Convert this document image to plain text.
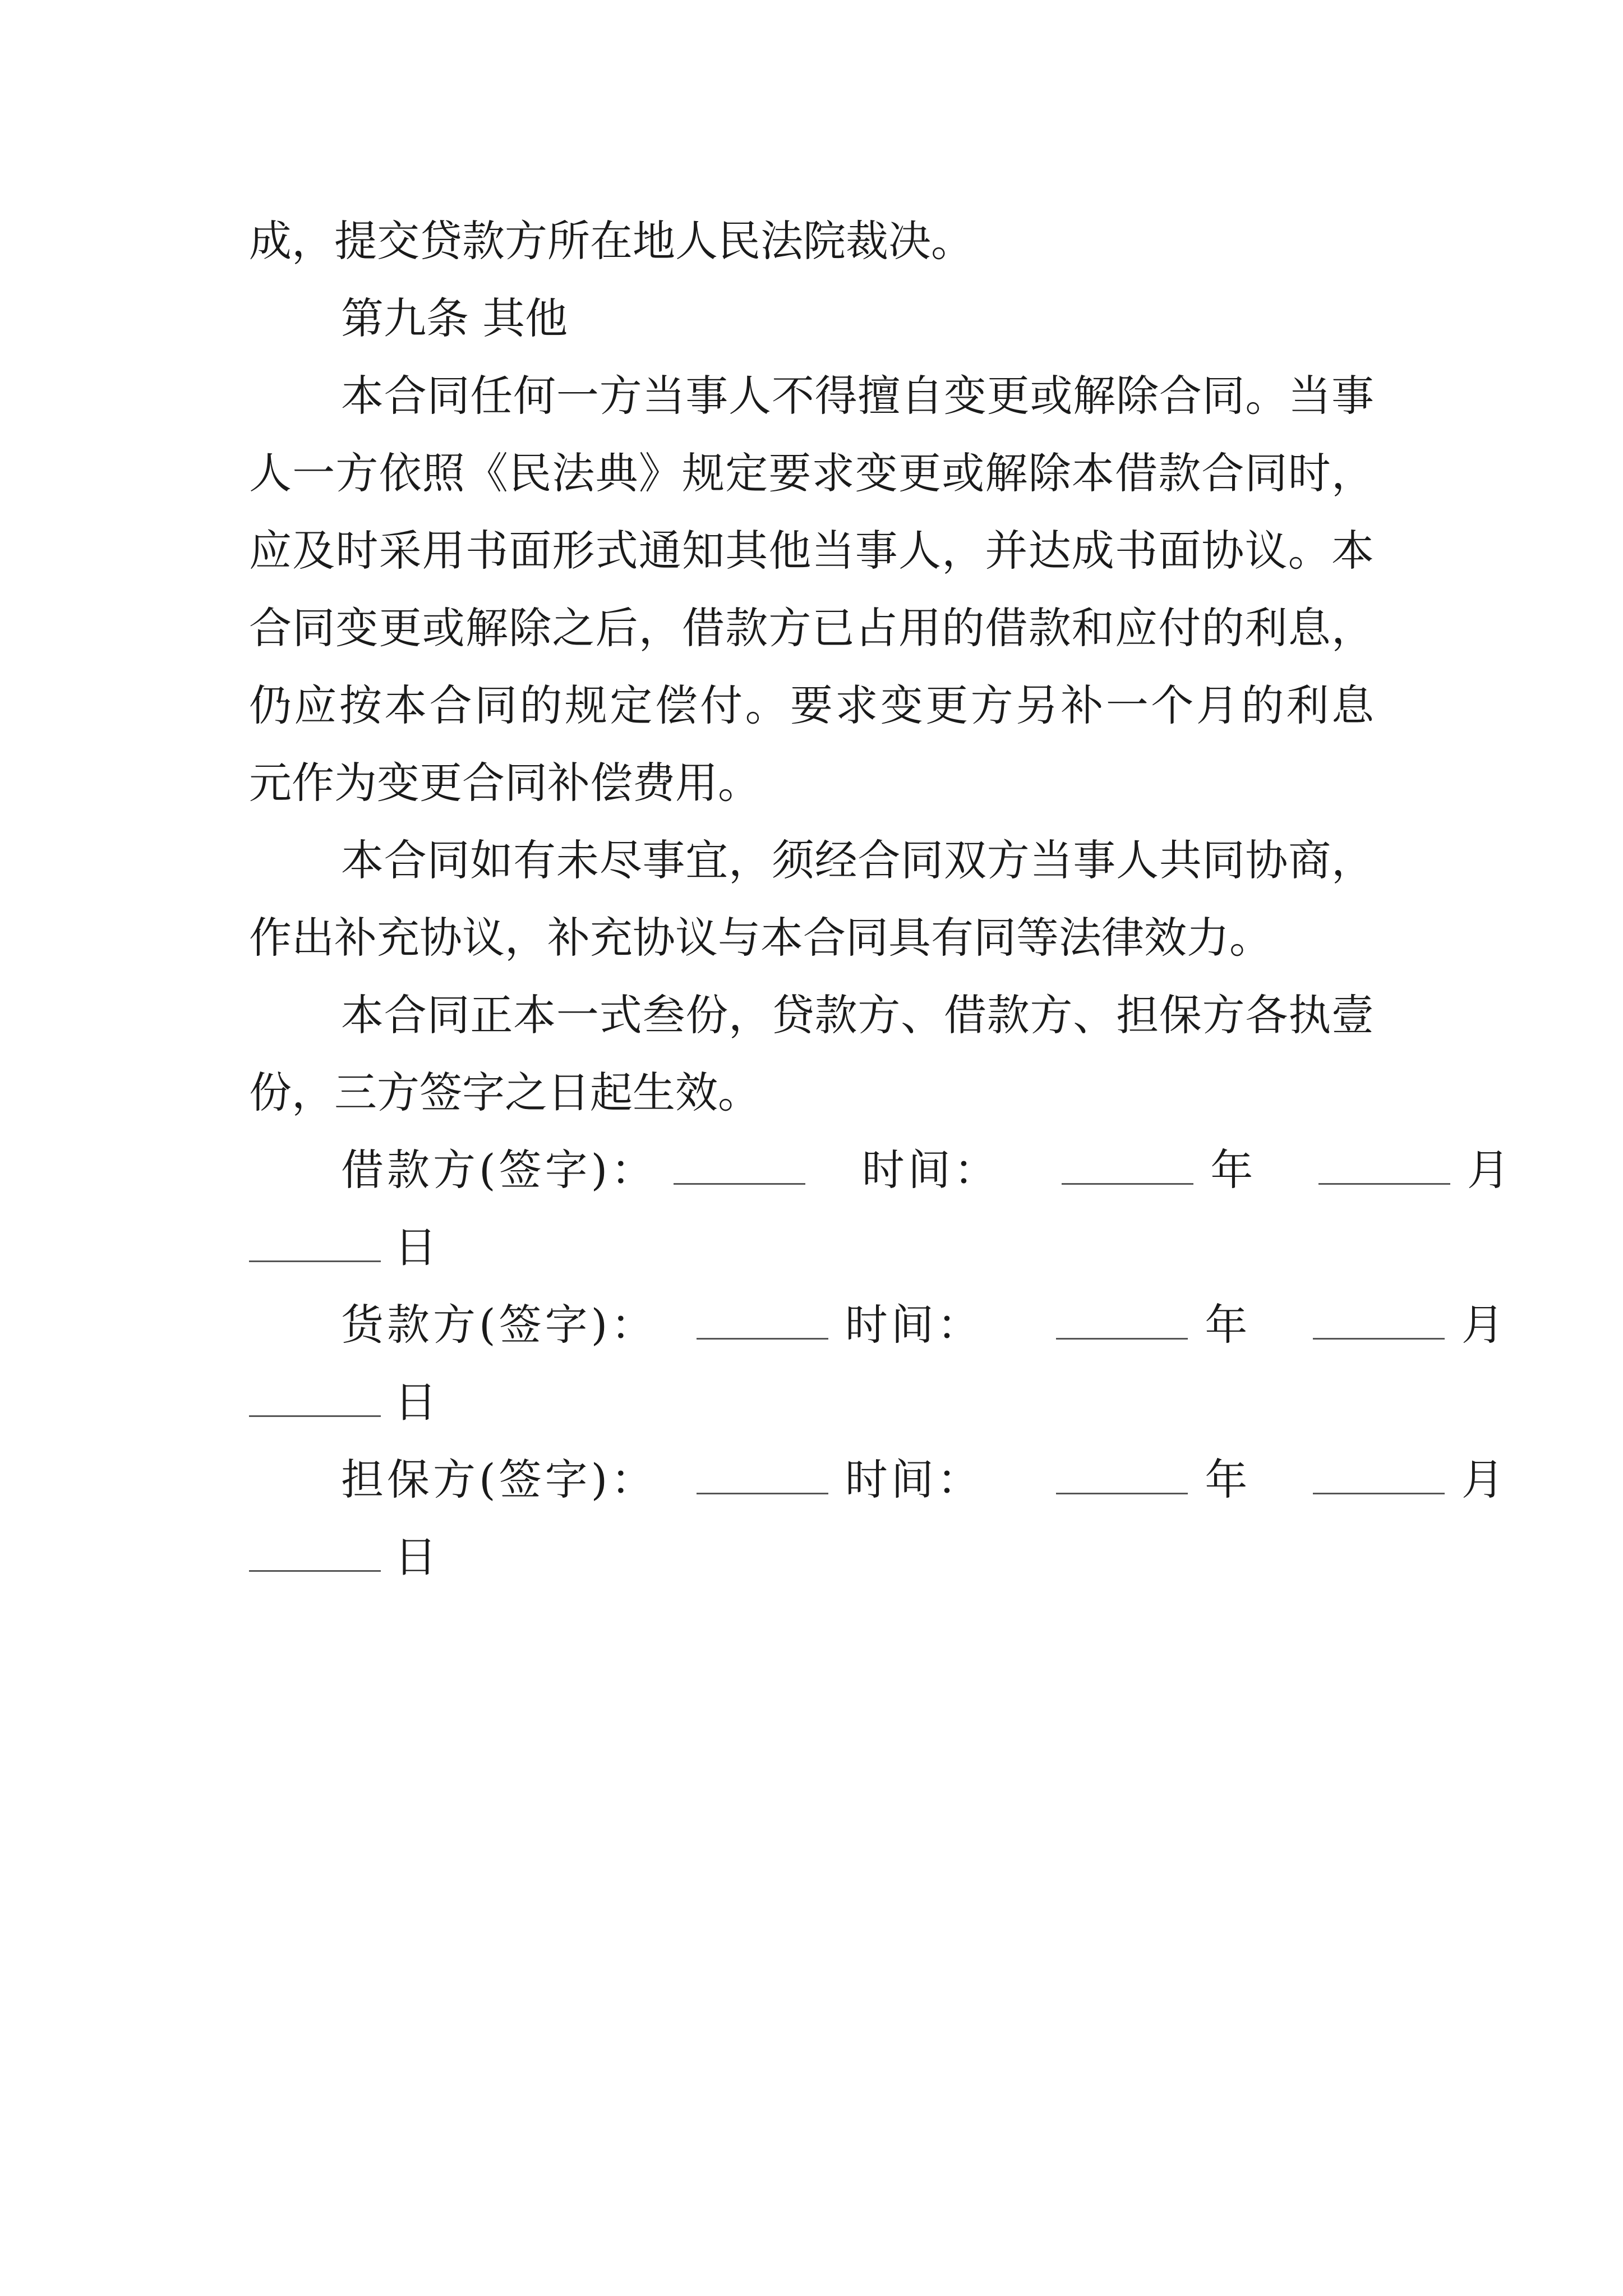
成，提交贷款方所在地人民法院裁决。
第九条 其他
本合同任何一方当事人不得擅自变更或解除合同。当事
人一方依照《民法典》规定要求变更或解除本借款合同时，
应及时采用书面形式通知其他当事人，并达成书面协议。本
合同变更或解除之后，借款方已占用的借款和应付的利息，
仍应按本合同的规定偿付。要求变更方另补一个月的利息
元作为变更合同补偿费用。
本合同如有未尽事宜，须经合同双方当事人共同协商，
作出补充协议，补充协议与本合同具有同等法律效力。
本合同正本一式叁份，贷款方、借款方、担保方各执壹
份，三方签字之日起生效。
借款方(签字)：	时间：	年	月
日
货款方(签字)：	时间：	年	月
日
担保方(签字)：	时间：	年	月
日
